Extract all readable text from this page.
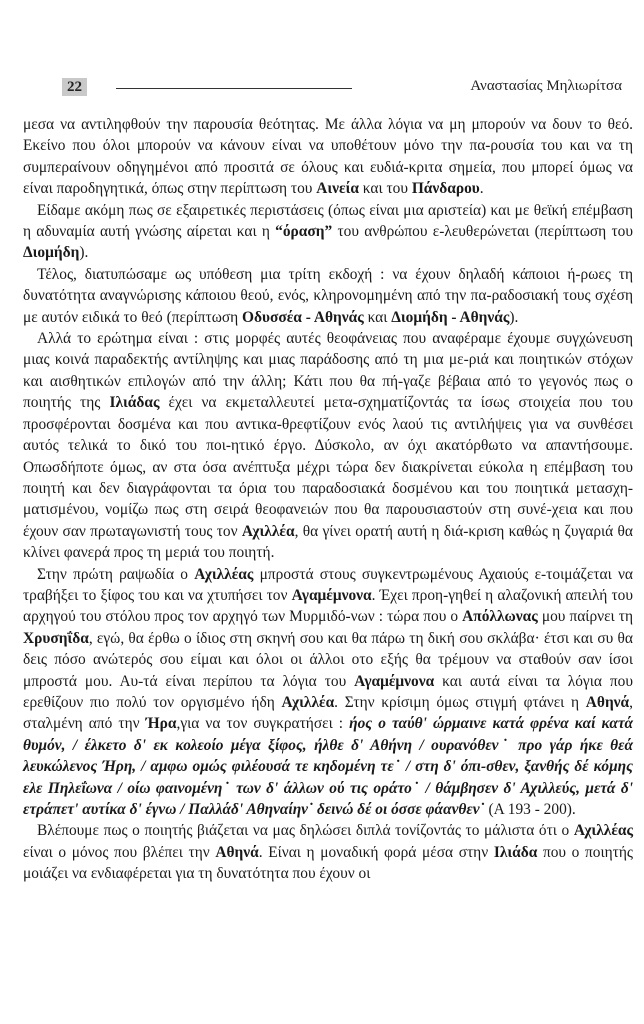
22	Αναστασίας Μηλιωρίτσα

μεσα να αντιληφθούν την παρουσία θεότητας. Με άλλα λόγια να μη μπορούν να δουν το θεό. Εκείνο που όλοι μπορούν να κάνουν είναι να υποθέτουν μόνο την πα-ρουσία του και να τη συμπεραίνουν οδηγημένοι από προσιτά σε όλους και ευδιά-κριτα σημεία, που μπορεί όμως να είναι παροδηγητικά, όπως στην περίπτωση του Αινεία και του Πάνδαρου.

Είδαμε ακόμη πως σε εξαιρετικές περιστάσεις (όπως είναι μια αριστεία) και με θεϊκή επέμβαση η αδυναμία αυτή γνώσης αίρεται και η “όραση” του ανθρώπου ε-λευθερώνεται (περίπτωση του Διομήδη).

Τέλος, διατυπώσαμε ως υπόθεση μια τρίτη εκδοχή : να έχουν δηλαδή κάποιοι ή-ρωες τη δυνατότητα αναγνώρισης κάποιου θεού, ενός, κληρονομημένη από την πα-ραδοσιακή τους σχέση με αυτόν ειδικά το θεό (περίπτωση Οδυσσέα - Αθηνάς και Διομήδη - Αθηνάς).

Αλλά το ερώτημα είναι : στις μορφές αυτές θεοφάνειας που αναφέραμε έχουμε συγχώνευση μιας κοινά παραδεκτής αντίληψης και μιας παράδοσης από τη μια με-ριά και ποιητικών στόχων και αισθητικών επιλογών από την άλλη; Κάτι που θα πή-γαζε βέβαια από το γεγονός πως ο ποιητής της Ιλιάδας έχει να εκμεταλλευτεί μετα-σχηματίζοντάς τα ίσως στοιχεία που του προσφέρονται δοσμένα και που αντικα-θρεφτίζουν ενός λαού τις αντιλήψεις για να συνθέσει αυτός τελικά το δικό του ποι-ητικό έργο. Δύσκολο, αν όχι ακατόρθωτο να απαντήσουμε. Οπωσδήποτε όμως, αν στα όσα ανέπτυξα μέχρι τώρα δεν διακρίνεται εύκολα η επέμβαση του ποιητή και δεν διαγράφονται τα όρια του παραδοσιακά δοσμένου και του ποιητικά μετασχη-ματισμένου, νομίζω πως στη σειρά θεοφανειών που θα παρουσιαστούν στη συνέ-χεια και που έχουν σαν πρωταγωνιστή τους τον Αχιλλέα, θα γίνει ορατή αυτή η διά-κριση καθώς η ζυγαριά θα κλίνει φανερά προς τη μεριά του ποιητή.

Στην πρώτη ραψωδία ο Αχιλλέας μπροστά στους συγκεντρωμένους Αχαιούς ε-τοιμάζεται να τραβήξει το ξίφος του και να χτυπήσει τον Αγαμέμνονα. Έχει προη-γηθεί η αλαζονική απειλή του αρχηγού του στόλου προς τον αρχηγό των Μυρμιδό-νων : τώρα που ο Απόλλωνας μου παίρνει τη Χρυσηΐδα, εγώ, θα έρθω ο ίδιος στη σκηνή σου και θα πάρω τη δική σου σκλάβα· έτσι και συ θα δεις πόσο ανώτερός σου είμαι και όλοι οι άλλοι οτο εξής θα τρέμουν να σταθούν σαν ίσοι μπροστά μου. Αυ-τά είναι περίπου τα λόγια του Αγαμέμνονα και αυτά είναι τα λόγια που ερεθίζουν πιο πολύ τον οργισμένο ήδη Αχιλλέα. Στην κρίσιμη όμως στιγμή φτάνει η Αθηνά, σταλμένη από την Ήρα,για να τον συγκρατήσει : ήος ο ταύθ' ώρμαινε κατά φρένα καί κατά θυμόν, / έλκετο δ' εκ κολεοίο μέγα ξίφος, ήλθε δ' Αθήνη / ουρανόθεν˙ προ γάρ ήκε θεά λευκώλενος Ήρη, / αμφω ομώς φιλέουσά τε κηδομένη τε˙ / στη δ' όπι-σθεν, ξανθής δέ κόμης ελε Πηλεΐωνα / οίω φαινομένη˙ των δ' άλλων ού τις οράτο˙ / θάμβησεν δ' Αχιλλεύς, μετά δ' ετράπετ' αυτίκα δ' έγνω / Παλλάδ' Αθηναίην˙ δεινώ δέ οι όσσε φάανθεν˙ (Α 193 - 200).

Βλέπουμε πως ο ποιητής βιάζεται να μας δηλώσει διπλά τονίζοντάς το μάλιστα ότι ο Αχιλλέας είναι ο μόνος που βλέπει την Αθηνά. Είναι η μοναδική φορά μέσα στην Ιλιάδα που ο ποιητής μοιάζει να ενδιαφέρεται για τη δυνατότητα που έχουν οι
